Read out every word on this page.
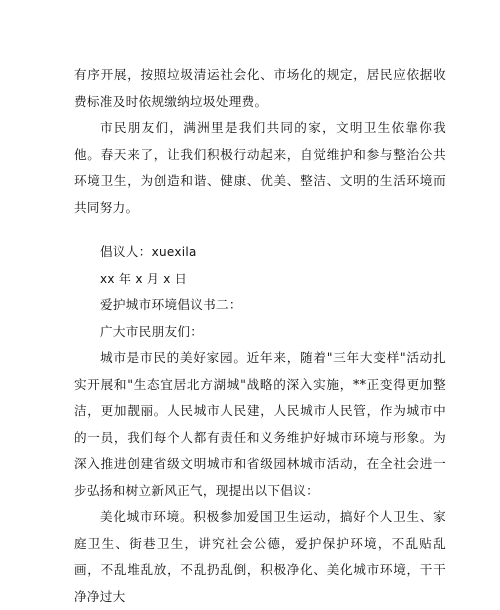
有序开展，按照垃圾清运社会化、市场化的规定，居民应依据收费标准及时依规缴纳垃圾处理费。

市民朋友们，满洲里是我们共同的家，文明卫生依靠你我他。春天来了，让我们积极行动起来，自觉维护和参与整治公共环境卫生，为创造和谐、健康、优美、整洁、文明的生活环境而共同努力。

倡议人：xuexila

xx 年 x 月 x 日

爱护城市环境倡议书二：

广大市民朋友们：

城市是市民的美好家园。近年来，随着"三年大变样"活动扎实开展和"生态宜居北方湖城"战略的深入实施，**正变得更加整洁，更加靓丽。人民城市人民建，人民城市人民管，作为城市中的一员，我们每个人都有责任和义务维护好城市环境与形象。为深入推进创建省级文明城市和省级园林城市活动，在全社会进一步弘扬和树立新风正气，现提出以下倡议：

美化城市环境。积极参加爱国卫生运动，搞好个人卫生、家庭卫生、街巷卫生，讲究社会公德，爱护保护环境，不乱贴乱画，不乱堆乱放，不乱扔乱倒，积极净化、美化城市环境，干干净净过大
